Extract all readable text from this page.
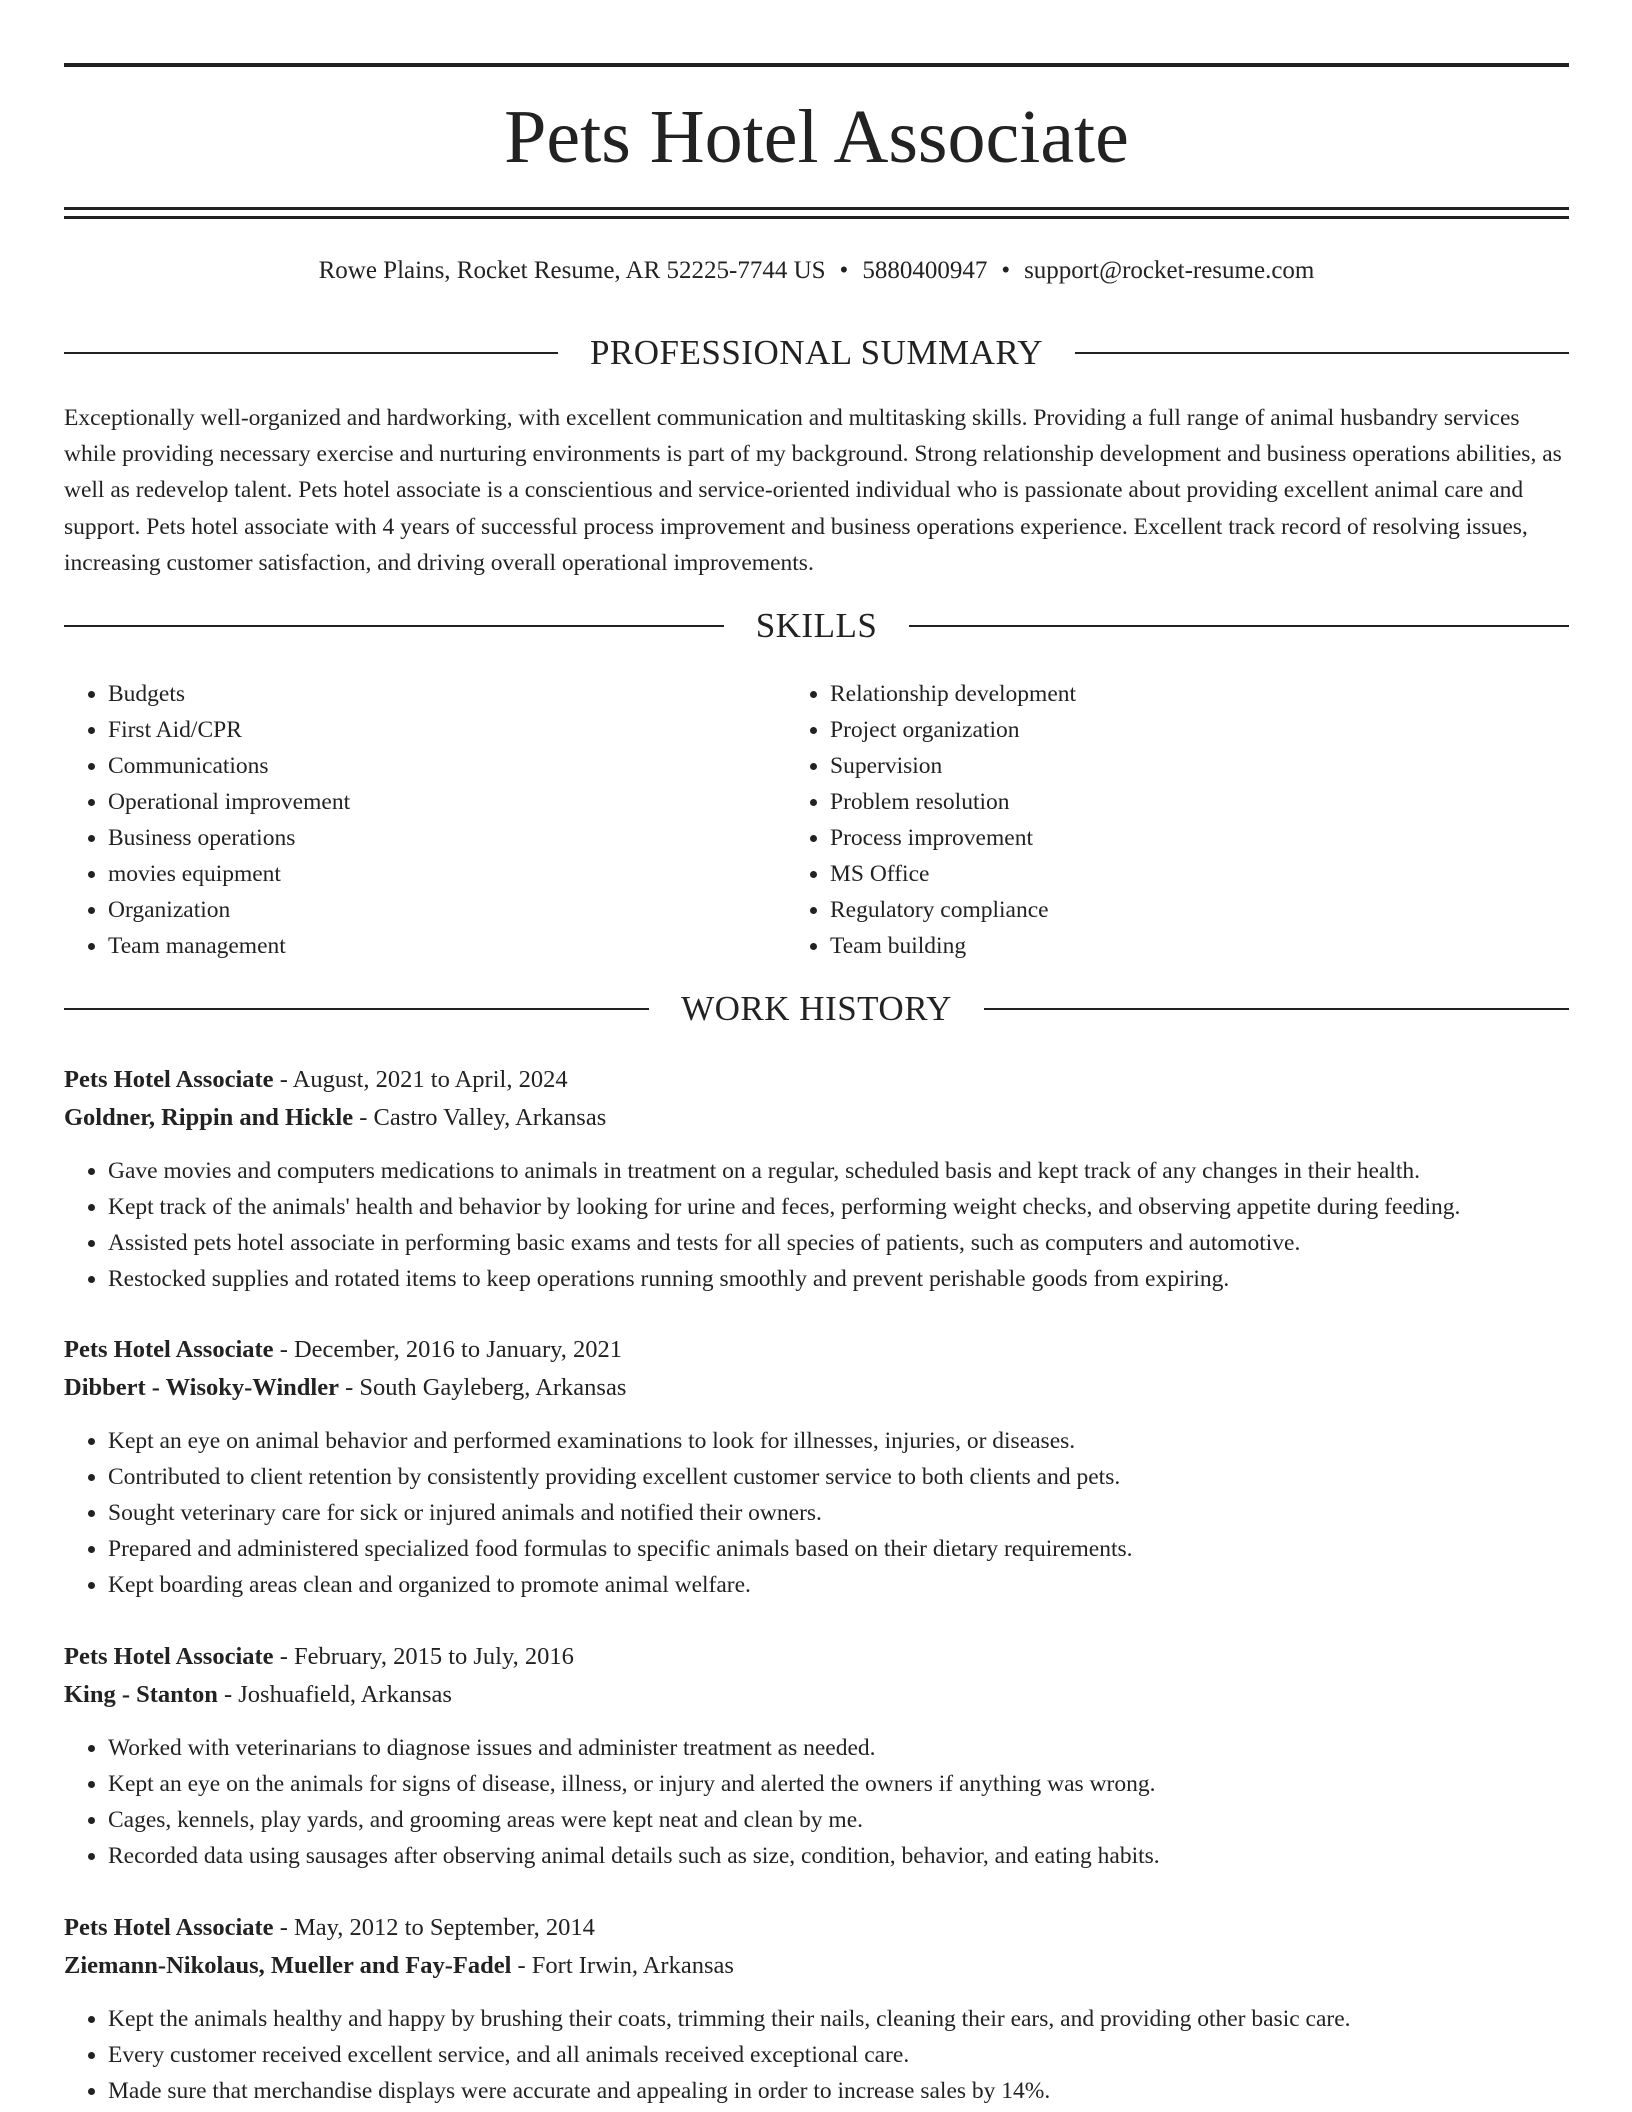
Pets Hotel Associate
Rowe Plains, Rocket Resume, AR 52225-7744 US • 5880400947 • support@rocket-resume.com
PROFESSIONAL SUMMARY

Exceptionally well-organized and hardworking, with excellent communication and multitasking skills. Providing a full range of animal husbandry services while providing necessary exercise and nurturing environments is part of my background. Strong relationship development and business operations abilities, as well as redevelop talent. Pets hotel associate is a conscientious and service-oriented individual who is passionate about providing excellent animal care and support. Pets hotel associate with 4 years of successful process improvement and business operations experience. Excellent track record of resolving issues, increasing customer satisfaction, and driving overall operational improvements.

SKILLS
• Budgets
• First Aid/CPR
• Communications
• Operational improvement
• Business operations
• movies equipment
• Organization
• Team management
• Relationship development
• Project organization
• Supervision
• Problem resolution
• Process improvement
• MS Office
• Regulatory compliance
• Team building
WORK HISTORY
Pets Hotel Associate - August, 2021 to April, 2024
Goldner, Rippin and Hickle - Castro Valley, Arkansas
• Gave movies and computers medications to animals in treatment on a regular, scheduled basis and kept track of any changes in their health.
• Kept track of the animals' health and behavior by looking for urine and feces, performing weight checks, and observing appetite during feeding.
• Assisted pets hotel associate in performing basic exams and tests for all species of patients, such as computers and automotive.
• Restocked supplies and rotated items to keep operations running smoothly and prevent perishable goods from expiring.
Pets Hotel Associate - December, 2016 to January, 2021
Dibbert - Wisoky-Windler - South Gayleberg, Arkansas
• Kept an eye on animal behavior and performed examinations to look for illnesses, injuries, or diseases.
• Contributed to client retention by consistently providing excellent customer service to both clients and pets.
• Sought veterinary care for sick or injured animals and notified their owners.
• Prepared and administered specialized food formulas to specific animals based on their dietary requirements.
• Kept boarding areas clean and organized to promote animal welfare.
Pets Hotel Associate - February, 2015 to July, 2016
King - Stanton - Joshuafield, Arkansas
• Worked with veterinarians to diagnose issues and administer treatment as needed.
• Kept an eye on the animals for signs of disease, illness, or injury and alerted the owners if anything was wrong.
• Cages, kennels, play yards, and grooming areas were kept neat and clean by me.
• Recorded data using sausages after observing animal details such as size, condition, behavior, and eating habits.
Pets Hotel Associate - May, 2012 to September, 2014
Ziemann-Nikolaus, Mueller and Fay-Fadel - Fort Irwin, Arkansas
• Kept the animals healthy and happy by brushing their coats, trimming their nails, cleaning their ears, and providing other basic care.
• Every customer received excellent service, and all animals received exceptional care.
• Made sure that merchandise displays were accurate and appealing in order to increase sales by 14%.
